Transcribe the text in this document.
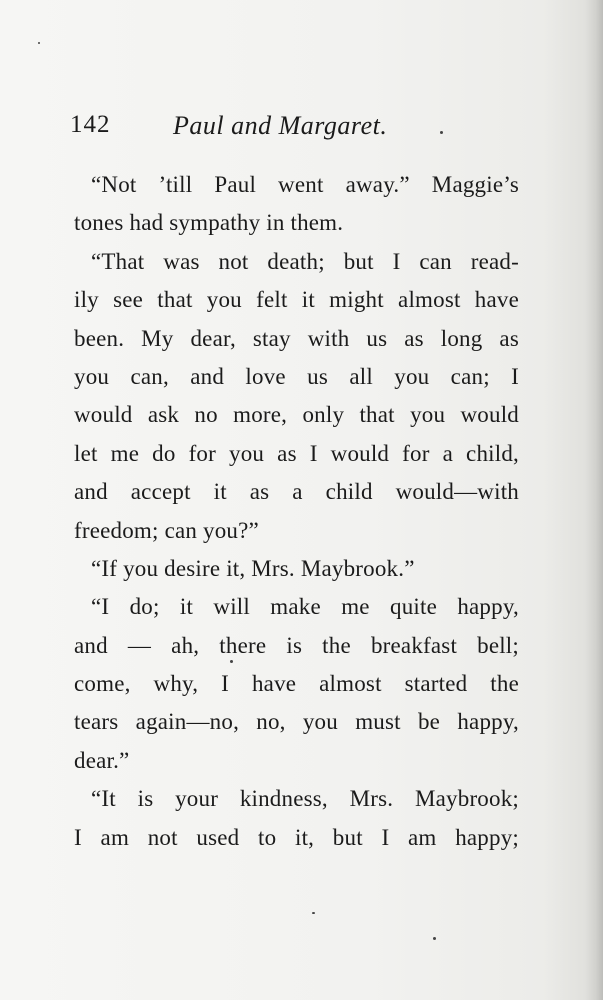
142 Paul and Margaret.
“Not ’till Paul went away.” Maggie’s
tones had sympathy in them.
“That was not death; but I can read-
ily see that you felt it might almost have
been. My dear, stay with us as long as
you can, and love us all you can; I
would ask no more, only that you would
let me do for you as I would for a child,
and accept it as a child would—with
freedom; can you?”
“If you desire it, Mrs. Maybrook.”
“I do; it will make me quite happy,
and — ah, there is the breakfast bell;
come, why, I have almost started the
tears again—no, no, you must be happy,
dear.”
“It is your kindness, Mrs. Maybrook;
I am not used to it, but I am happy;
